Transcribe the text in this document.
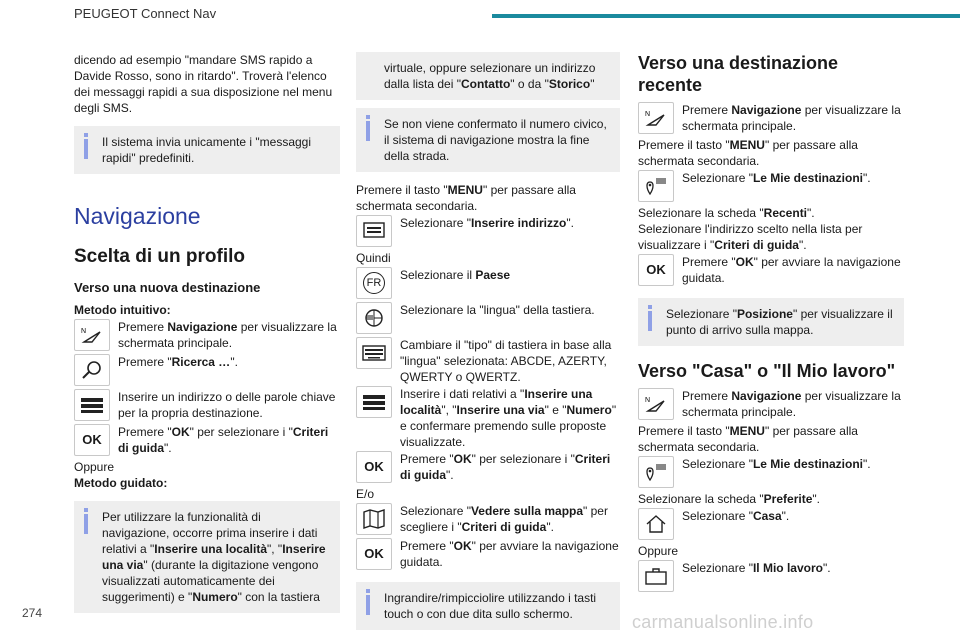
PEUGEOT Connect Nav

dicendo ad esempio "mandare SMS rapido a Davide Rosso, sono in ritardo". Troverà l'elenco dei messaggi rapidi a sua disposizione nel menu degli SMS.

Il sistema invia unicamente i "messaggi rapidi" predefiniti.
Navigazione
Scelta di un profilo
Verso una nuova destinazione

Metodo intuitivo:

N	Premere Navigazione per visualizzare la schermata principale.
Premere "Ricerca …".
Inserire un indirizzo o delle parole chiave per la propria destinazione.
OK	Premere "OK" per selezionare i "Criteri di guida".

Oppure

Metodo guidato:

Per utilizzare la funzionalità di navigazione, occorre prima inserire i dati relativi a "Inserire una località", "Inserire una via" (durante la digitazione vengono visualizzati automaticamente dei suggerimenti) e "Numero" con la tastiera
virtuale, oppure selezionare un indirizzo dalla lista dei "Contatto" o da "Storico"
Se non viene confermato il numero civico, il sistema di navigazione mostra la fine della strada.

Premere il tasto "MENU" per passare alla schermata secondaria.

Selezionare "Inserire indirizzo".

Quindi

FR
Selezionare il Paese
Selezionare la "lingua" della tastiera.
Cambiare il "tipo" di tastiera in base alla "lingua" selezionata: ABCDE, AZERTY, QWERTY o QWERTZ.
Inserire i dati relativi a "Inserire una località", "Inserire una via" e "Numero" e confermare premendo sulle proposte visualizzate.
OK	Premere "OK" per selezionare i "Criteri di guida".

E/o

Selezionare "Vedere sulla mappa" per scegliere i "Criteri di guida".
OK	Premere "OK" per avviare la navigazione guidata.
Ingrandire/rimpicciolire utilizzando i tasti touch o con due dita sullo schermo.
Verso una destinazione recente
N	Premere Navigazione per visualizzare la schermata principale.

Premere il tasto "MENU" per passare alla schermata secondaria.

Selezionare "Le Mie destinazioni".

Selezionare la scheda "Recenti".

Selezionare l'indirizzo scelto nella lista per visualizzare i "Criteri di guida".

OK	Premere "OK" per avviare la navigazione guidata.
Selezionare "Posizione" per visualizzare il punto di arrivo sulla mappa.
Verso "Casa" o "Il Mio lavoro"
N	Premere Navigazione per visualizzare la schermata principale.

Premere il tasto "MENU" per passare alla schermata secondaria.

Selezionare "Le Mie destinazioni".

Selezionare la scheda "Preferite".

Selezionare "Casa".

Oppure

Selezionare "Il Mio lavoro".
274	carmanualsonline.info
